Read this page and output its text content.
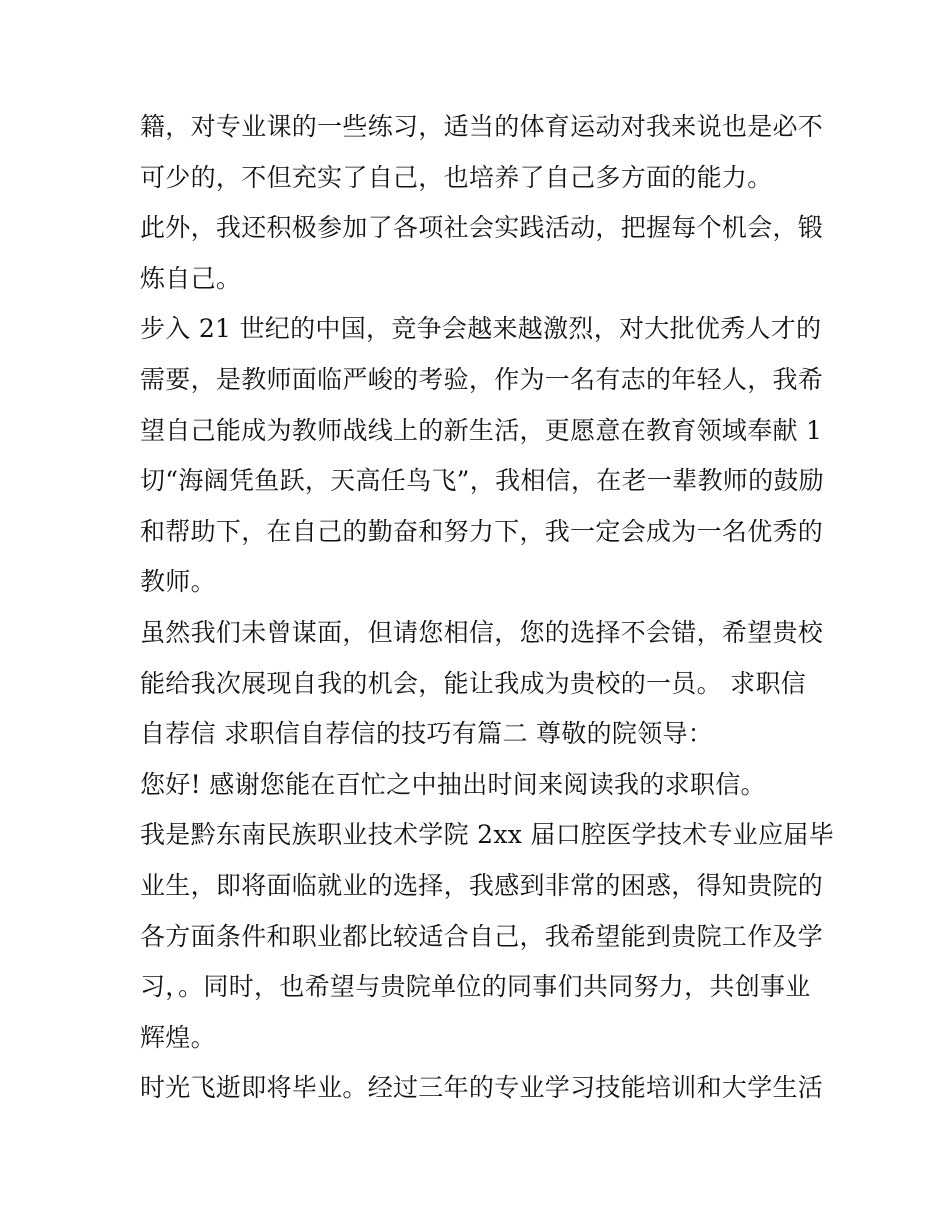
籍，对专业课的一些练习，适当的体育运动对我来说也是必不
可少的，不但充实了自己，也培养了自己多方面的能力。
此外，我还积极参加了各项社会实践活动，把握每个机会，锻
炼自己。
步入 21 世纪的中国，竞争会越来越激烈，对大批优秀人才的
需要，是教师面临严峻的考验，作为一名有志的年轻人，我希
望自己能成为教师战线上的新生活，更愿意在教育领域奉献 1
切“海阔凭鱼跃，天高任鸟飞”，我相信，在老一辈教师的鼓励
和帮助下，在自己的勤奋和努力下，我一定会成为一名优秀的
教师。
虽然我们未曾谋面，但请您相信，您的选择不会错，希望贵校
能给我次展现自我的机会，能让我成为贵校的一员。 求职信
自荐信 求职信自荐信的技巧有篇二 尊敬的院领导：
您好! 感谢您能在百忙之中抽出时间来阅读我的求职信。
我是黔东南民族职业技术学院 2xx 届口腔医学技术专业应届毕
业生，即将面临就业的选择，我感到非常的困惑，得知贵院的
各方面条件和职业都比较适合自己，我希望能到贵院工作及学
习，。同时，也希望与贵院单位的同事们共同努力，共创事业
辉煌。
时光飞逝即将毕业。经过三年的专业学习技能培训和大学生活
